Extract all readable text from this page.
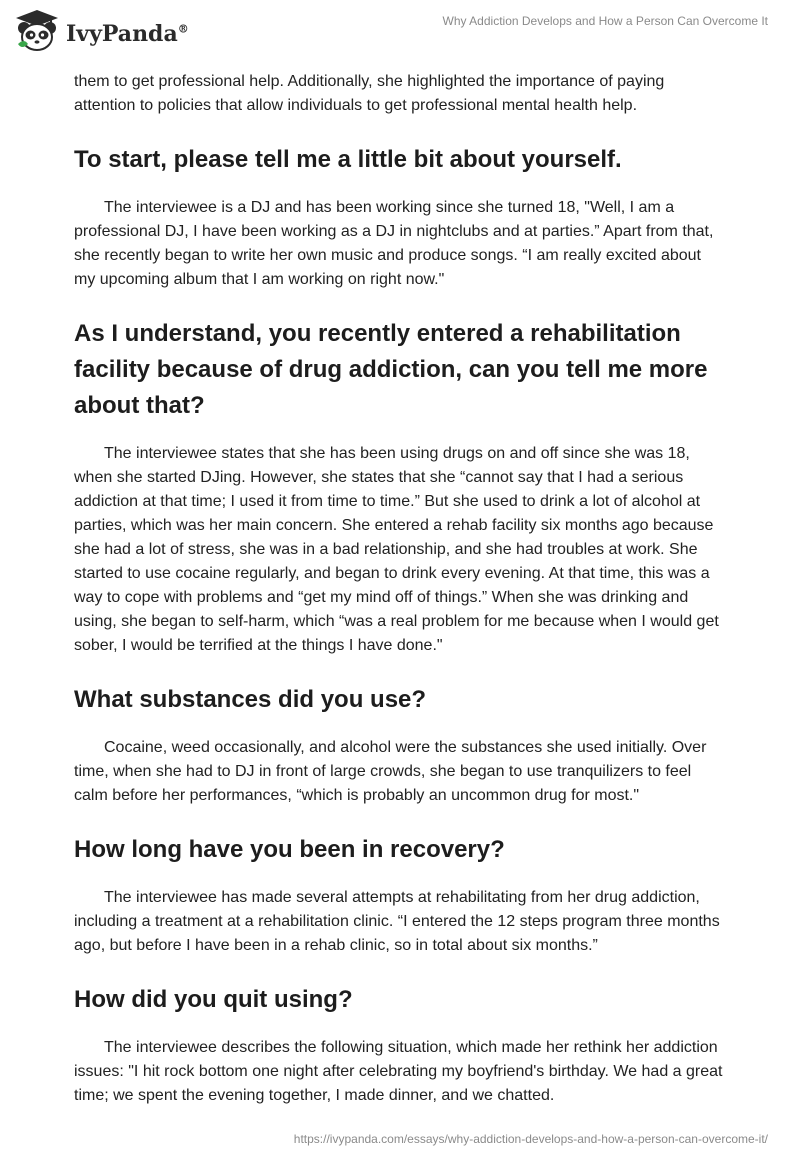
IvyPanda®
Why Addiction Develops and How a Person Can Overcome It

them to get professional help. Additionally, she highlighted the importance of paying attention to policies that allow individuals to get professional mental health help.

To start, please tell me a little bit about yourself.

The interviewee is a DJ and has been working since she turned 18, "Well, I am a professional DJ, I have been working as a DJ in nightclubs and at parties.” Apart from that, she recently began to write her own music and produce songs. “I am really excited about my upcoming album that I am working on right now."

As I understand, you recently entered a rehabilitation facility because of drug addiction, can you tell me more about that?

The interviewee states that she has been using drugs on and off since she was 18, when she started DJing. However, she states that she “cannot say that I had a serious addiction at that time; I used it from time to time.” But she used to drink a lot of alcohol at parties, which was her main concern. She entered a rehab facility six months ago because she had a lot of stress, she was in a bad relationship, and she had troubles at work. She started to use cocaine regularly, and began to drink every evening. At that time, this was a way to cope with problems and “get my mind off of things.” When she was drinking and using, she began to self-harm, which “was a real problem for me because when I would get sober, I would be terrified at the things I have done."

What substances did you use?

Cocaine, weed occasionally, and alcohol were the substances she used initially. Over time, when she had to DJ in front of large crowds, she began to use tranquilizers to feel calm before her performances, “which is probably an uncommon drug for most."

How long have you been in recovery?

The interviewee has made several attempts at rehabilitating from her drug addiction, including a treatment at a rehabilitation clinic. “I entered the 12 steps program three months ago, but before I have been in a rehab clinic, so in total about six months.”

How did you quit using?

The interviewee describes the following situation, which made her rethink her addiction issues: "I hit rock bottom one night after celebrating my boyfriend's birthday. We had a great time; we spent the evening together, I made dinner, and we chatted.

https://ivypanda.com/essays/why-addiction-develops-and-how-a-person-can-overcome-it/
